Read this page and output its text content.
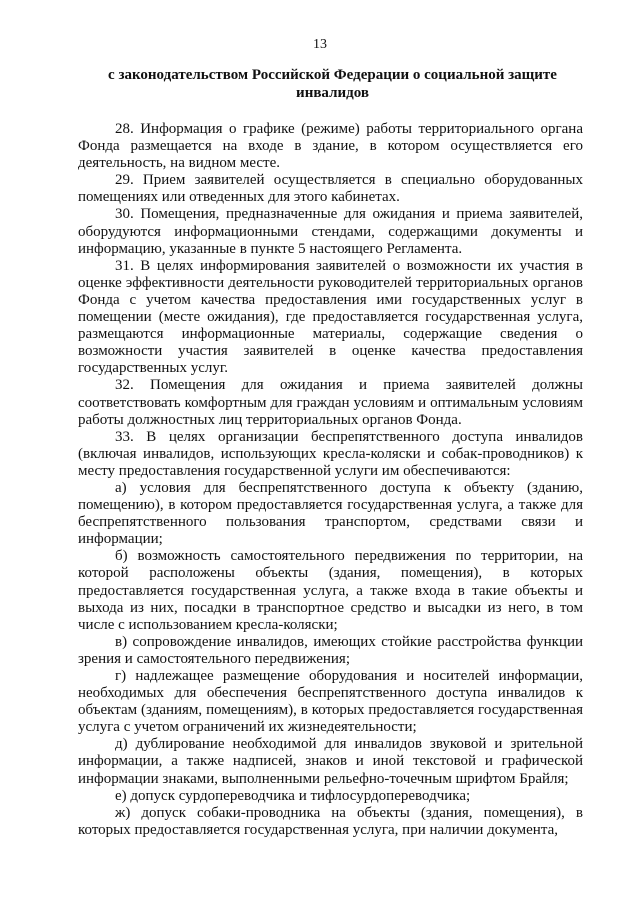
13
с законодательством Российской Федерации о социальной защите инвалидов

28. Информация о графике (режиме) работы территориального органа Фонда размещается на входе в здание, в котором осуществляется его деятельность, на видном месте.

29. Прием заявителей осуществляется в специально оборудованных помещениях или отведенных для этого кабинетах.

30. Помещения, предназначенные для ожидания и приема заявителей, оборудуются информационными стендами, содержащими документы и информацию, указанные в пункте 5 настоящего Регламента.

31. В целях информирования заявителей о возможности их участия в оценке эффективности деятельности руководителей территориальных органов Фонда с учетом качества предоставления ими государственных услуг в помещении (месте ожидания), где предоставляется государственная услуга, размещаются информационные материалы, содержащие сведения о возможности участия заявителей в оценке качества предоставления государственных услуг.

32. Помещения для ожидания и приема заявителей должны соответствовать комфортным для граждан условиям и оптимальным условиям работы должностных лиц территориальных органов Фонда.

33. В целях организации беспрепятственного доступа инвалидов (включая инвалидов, использующих кресла-коляски и собак-проводников) к месту предоставления государственной услуги им обеспечиваются:

а) условия для беспрепятственного доступа к объекту (зданию, помещению), в котором предоставляется государственная услуга, а также для беспрепятственного пользования транспортом, средствами связи и информации;

б) возможность самостоятельного передвижения по территории, на которой расположены объекты (здания, помещения), в которых предоставляется государственная услуга, а также входа в такие объекты и выхода из них, посадки в транспортное средство и высадки из него, в том числе с использованием кресла-коляски;

в) сопровождение инвалидов, имеющих стойкие расстройства функции зрения и самостоятельного передвижения;

г) надлежащее размещение оборудования и носителей информации, необходимых для обеспечения беспрепятственного доступа инвалидов к объектам (зданиям, помещениям), в которых предоставляется государственная услуга с учетом ограничений их жизнедеятельности;

д) дублирование необходимой для инвалидов звуковой и зрительной информации, а также надписей, знаков и иной текстовой и графической информации знаками, выполненными рельефно-точечным шрифтом Брайля;

е) допуск сурдопереводчика и тифлосурдопереводчика;

ж) допуск собаки-проводника на объекты (здания, помещения), в которых предоставляется государственная услуга, при наличии документа,
